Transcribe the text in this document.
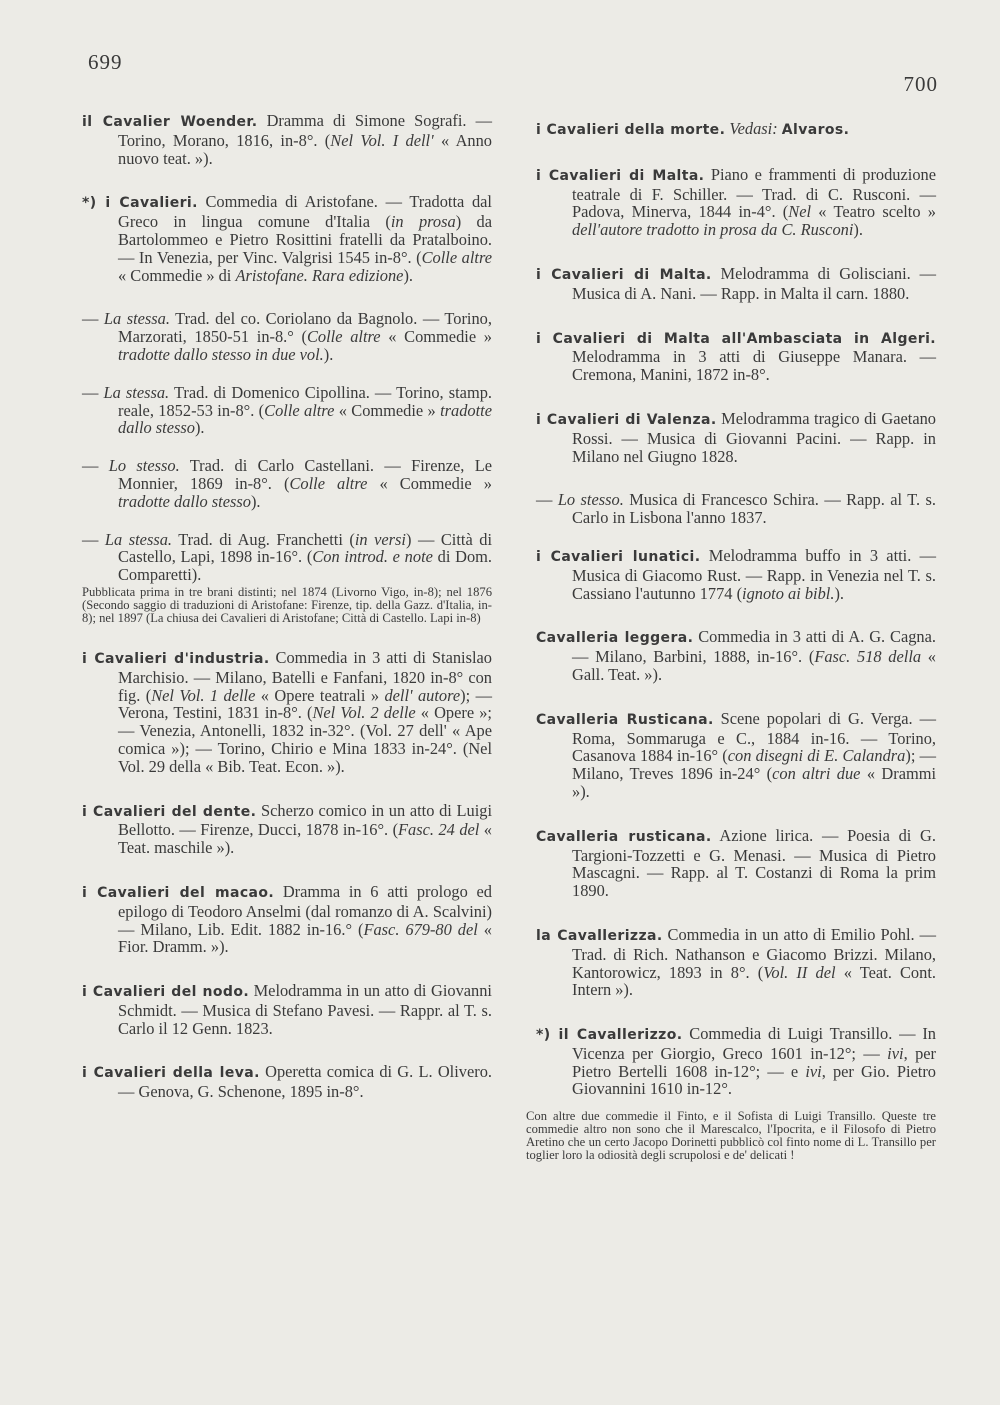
699
700

il Cavalier Woender. Dramma di Simone Sografi. — Torino, Morano, 1816, in-8°. (Nel Vol. I dell' « Anno nuovo teat. »).

*) i Cavalieri. Commedia di Aristofane. — Tradotta dal Greco in lingua comune d'Italia (in prosa) da Bartolommeo e Pietro Rosittini fratelli da Pratalboino. — In Venezia, per Vinc. Valgrisi 1545 in-8°. (Colle altre « Commedie » di Aristofane. Rara edizione).

— La stessa. Trad. del co. Coriolano da Bagnolo. — Torino, Marzorati, 1850-51 in-8.° (Colle altre « Commedie » tradotte dallo stesso in due vol.).

— La stessa. Trad. di Domenico Cipollina. — Torino, stamp. reale, 1852-53 in-8°. (Colle altre « Commedie » tradotte dallo stesso).

— Lo stesso. Trad. di Carlo Castellani. — Firenze, Le Monnier, 1869 in-8°. (Colle altre « Commedie » tradotte dallo stesso).

— La stessa. Trad. di Aug. Franchetti (in versi) — Città di Castello, Lapi, 1898 in-16°. (Con introd. e note di Dom. Comparetti).

Pubblicata prima in tre brani distinti; nel 1874 (Livorno Vigo, in-8); nel 1876 (Secondo saggio di traduzioni di Aristofane: Firenze, tip. della Gazz. d'Italia, in-8); nel 1897 (La chiusa dei Cavalieri di Aristofane; Città di Castello. Lapi in-8)

i Cavalieri d'industria. Commedia in 3 atti di Stanislao Marchisio. — Milano, Batelli e Fanfani, 1820 in-8° con fig. (Nel Vol. 1 delle « Opere teatrali » dell' autore); — Verona, Testini, 1831 in-8°. (Nel Vol. 2 delle « Opere »; — Venezia, Antonelli, 1832 in-32°. (Vol. 27 dell' « Ape comica »); — Torino, Chirio e Mina 1833 in-24°. (Nel Vol. 29 della « Bib. Teat. Econ. »).

i Cavalieri del dente. Scherzo comico in un atto di Luigi Bellotto. — Firenze, Ducci, 1878 in-16°. (Fasc. 24 del « Teat. maschile »).

i Cavalieri del macao. Dramma in 6 atti prologo ed epilogo di Teodoro Anselmi (dal romanzo di A. Scalvini) — Milano, Lib. Edit. 1882 in-16.° (Fasc. 679-80 del « Fior. Dramm. »).

i Cavalieri del nodo. Melodramma in un atto di Giovanni Schmidt. — Musica di Stefano Pavesi. — Rappr. al T. s. Carlo il 12 Genn. 1823.

i Cavalieri della leva. Operetta comica di G. L. Olivero. — Genova, G. Schenone, 1895 in-8°.

i Cavalieri della morte. Vedasi: Alvaros.

i Cavalieri di Malta. Piano e frammenti di produzione teatrale di F. Schiller. — Trad. di C. Rusconi. — Padova, Minerva, 1844 in-4°. (Nel « Teatro scelto » dell'autore tradotto in prosa da C. Rusconi).

i Cavalieri di Malta. Melodramma di Golisciani. — Musica di A. Nani. — Rapp. in Malta il carn. 1880.

i Cavalieri di Malta all'Ambasciata in Algeri. Melodramma in 3 atti di Giuseppe Manara. — Cremona, Manini, 1872 in-8°.

i Cavalieri di Valenza. Melodramma tragico di Gaetano Rossi. — Musica di Giovanni Pacini. — Rapp. in Milano nel Giugno 1828.

— Lo stesso. Musica di Francesco Schira. — Rapp. al T. s. Carlo in Lisbona l'anno 1837.

i Cavalieri lunatici. Melodramma buffo in 3 atti. — Musica di Giacomo Rust. — Rapp. in Venezia nel T. s. Cassiano l'autunno 1774 (ignoto ai bibl.).

Cavalleria leggera. Commedia in 3 atti di A. G. Cagna. — Milano, Barbini, 1888, in-16°. (Fasc. 518 della « Gall. Teat. »).

Cavalleria Rusticana. Scene popolari di G. Verga. — Roma, Sommaruga e C., 1884 in-16. — Torino, Casanova 1884 in-16° (con disegni di E. Calandra); — Milano, Treves 1896 in-24° (con altri due « Drammi »).

Cavalleria rusticana. Azione lirica. — Poesia di G. Targioni-Tozzetti e G. Menasi. — Musica di Pietro Mascagni. — Rapp. al T. Costanzi di Roma la prim 1890.

la Cavallerizza. Commedia in un atto di Emilio Pohl. — Trad. di Rich. Nathanson e Giacomo Brizzi. Milano, Kantorowicz, 1893 in 8°. (Vol. II del « Teat. Cont. Intern »).

*) il Cavallerizzo. Commedia di Luigi Transillo. — In Vicenza per Giorgio, Greco 1601 in-12°; — ivi, per Pietro Bertelli 1608 in-12°; — e ivi, per Gio. Pietro Giovannini 1610 in-12°.

Con altre due commedie il Finto, e il Sofista di Luigi Transillo. Queste tre commedie altro non sono che il Marescalco, l'Ipocrita, e il Filosofo di Pietro Aretino che un certo Jacopo Dorinetti pubblicò col finto nome di L. Transillo per toglier loro la odiosità degli scrupolosi e de' delicati !
